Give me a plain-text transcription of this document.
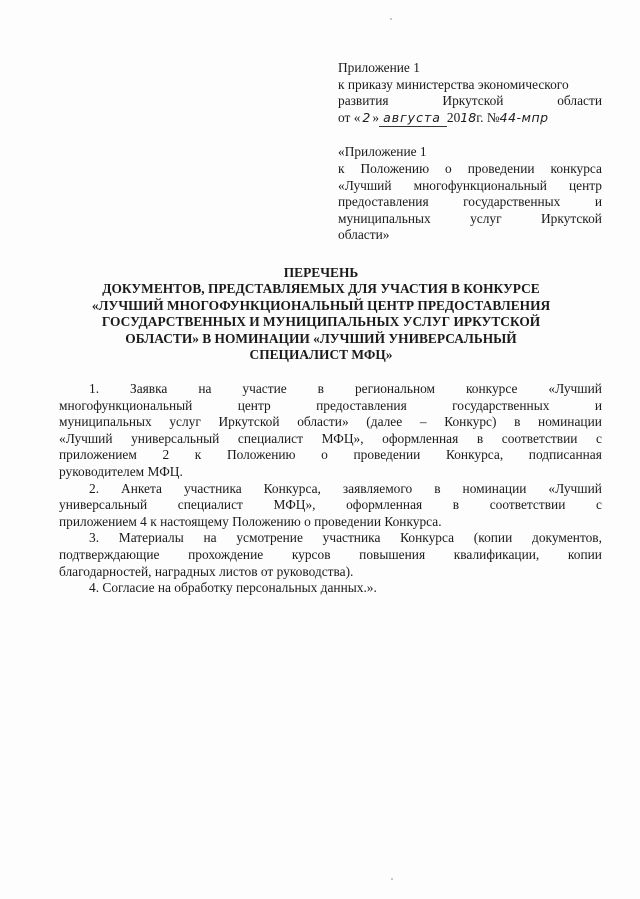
Приложение 1
к приказу министерства экономического
развития	Иркутской	области
от « 2 » августа 2018г. №44-мпр
«Приложение 1
к Положению о проведении конкурса
«Лучший многофункциональный центр
предоставления	государственных	и
муниципальных	услуг	Иркутской
области»
ПЕРЕЧЕНЬ
ДОКУМЕНТОВ, ПРЕДСТАВЛЯЕМЫХ ДЛЯ УЧАСТИЯ В КОНКУРСЕ
«ЛУЧШИЙ МНОГОФУНКЦИОНАЛЬНЫЙ ЦЕНТР ПРЕДОСТАВЛЕНИЯ
ГОСУДАРСТВЕННЫХ И МУНИЦИПАЛЬНЫХ УСЛУГ ИРКУТСКОЙ
ОБЛАСТИ» В НОМИНАЦИИ «ЛУЧШИЙ УНИВЕРСАЛЬНЫЙ
СПЕЦИАЛИСТ МФЦ»
1. Заявка на участие в региональном конкурсе «Лучший
многофункциональный	центр	предоставления	государственных	и
муниципальных услуг Иркутской области» (далее – Конкурс) в номинации
«Лучший универсальный специалист МФЦ», оформленная в соответствии с
приложением 2 к Положению о проведении Конкурса, подписанная
руководителем МФЦ.
2. Анкета участника Конкурса, заявляемого в номинации «Лучший
универсальный специалист МФЦ», оформленная в соответствии с
приложением 4 к настоящему Положению о проведении Конкурса.
3. Материалы на усмотрение участника Конкурса (копии документов,
подтверждающие прохождение курсов повышения квалификации, копии
благодарностей, наградных листов от руководства).
4. Согласие на обработку персональных данных.».
